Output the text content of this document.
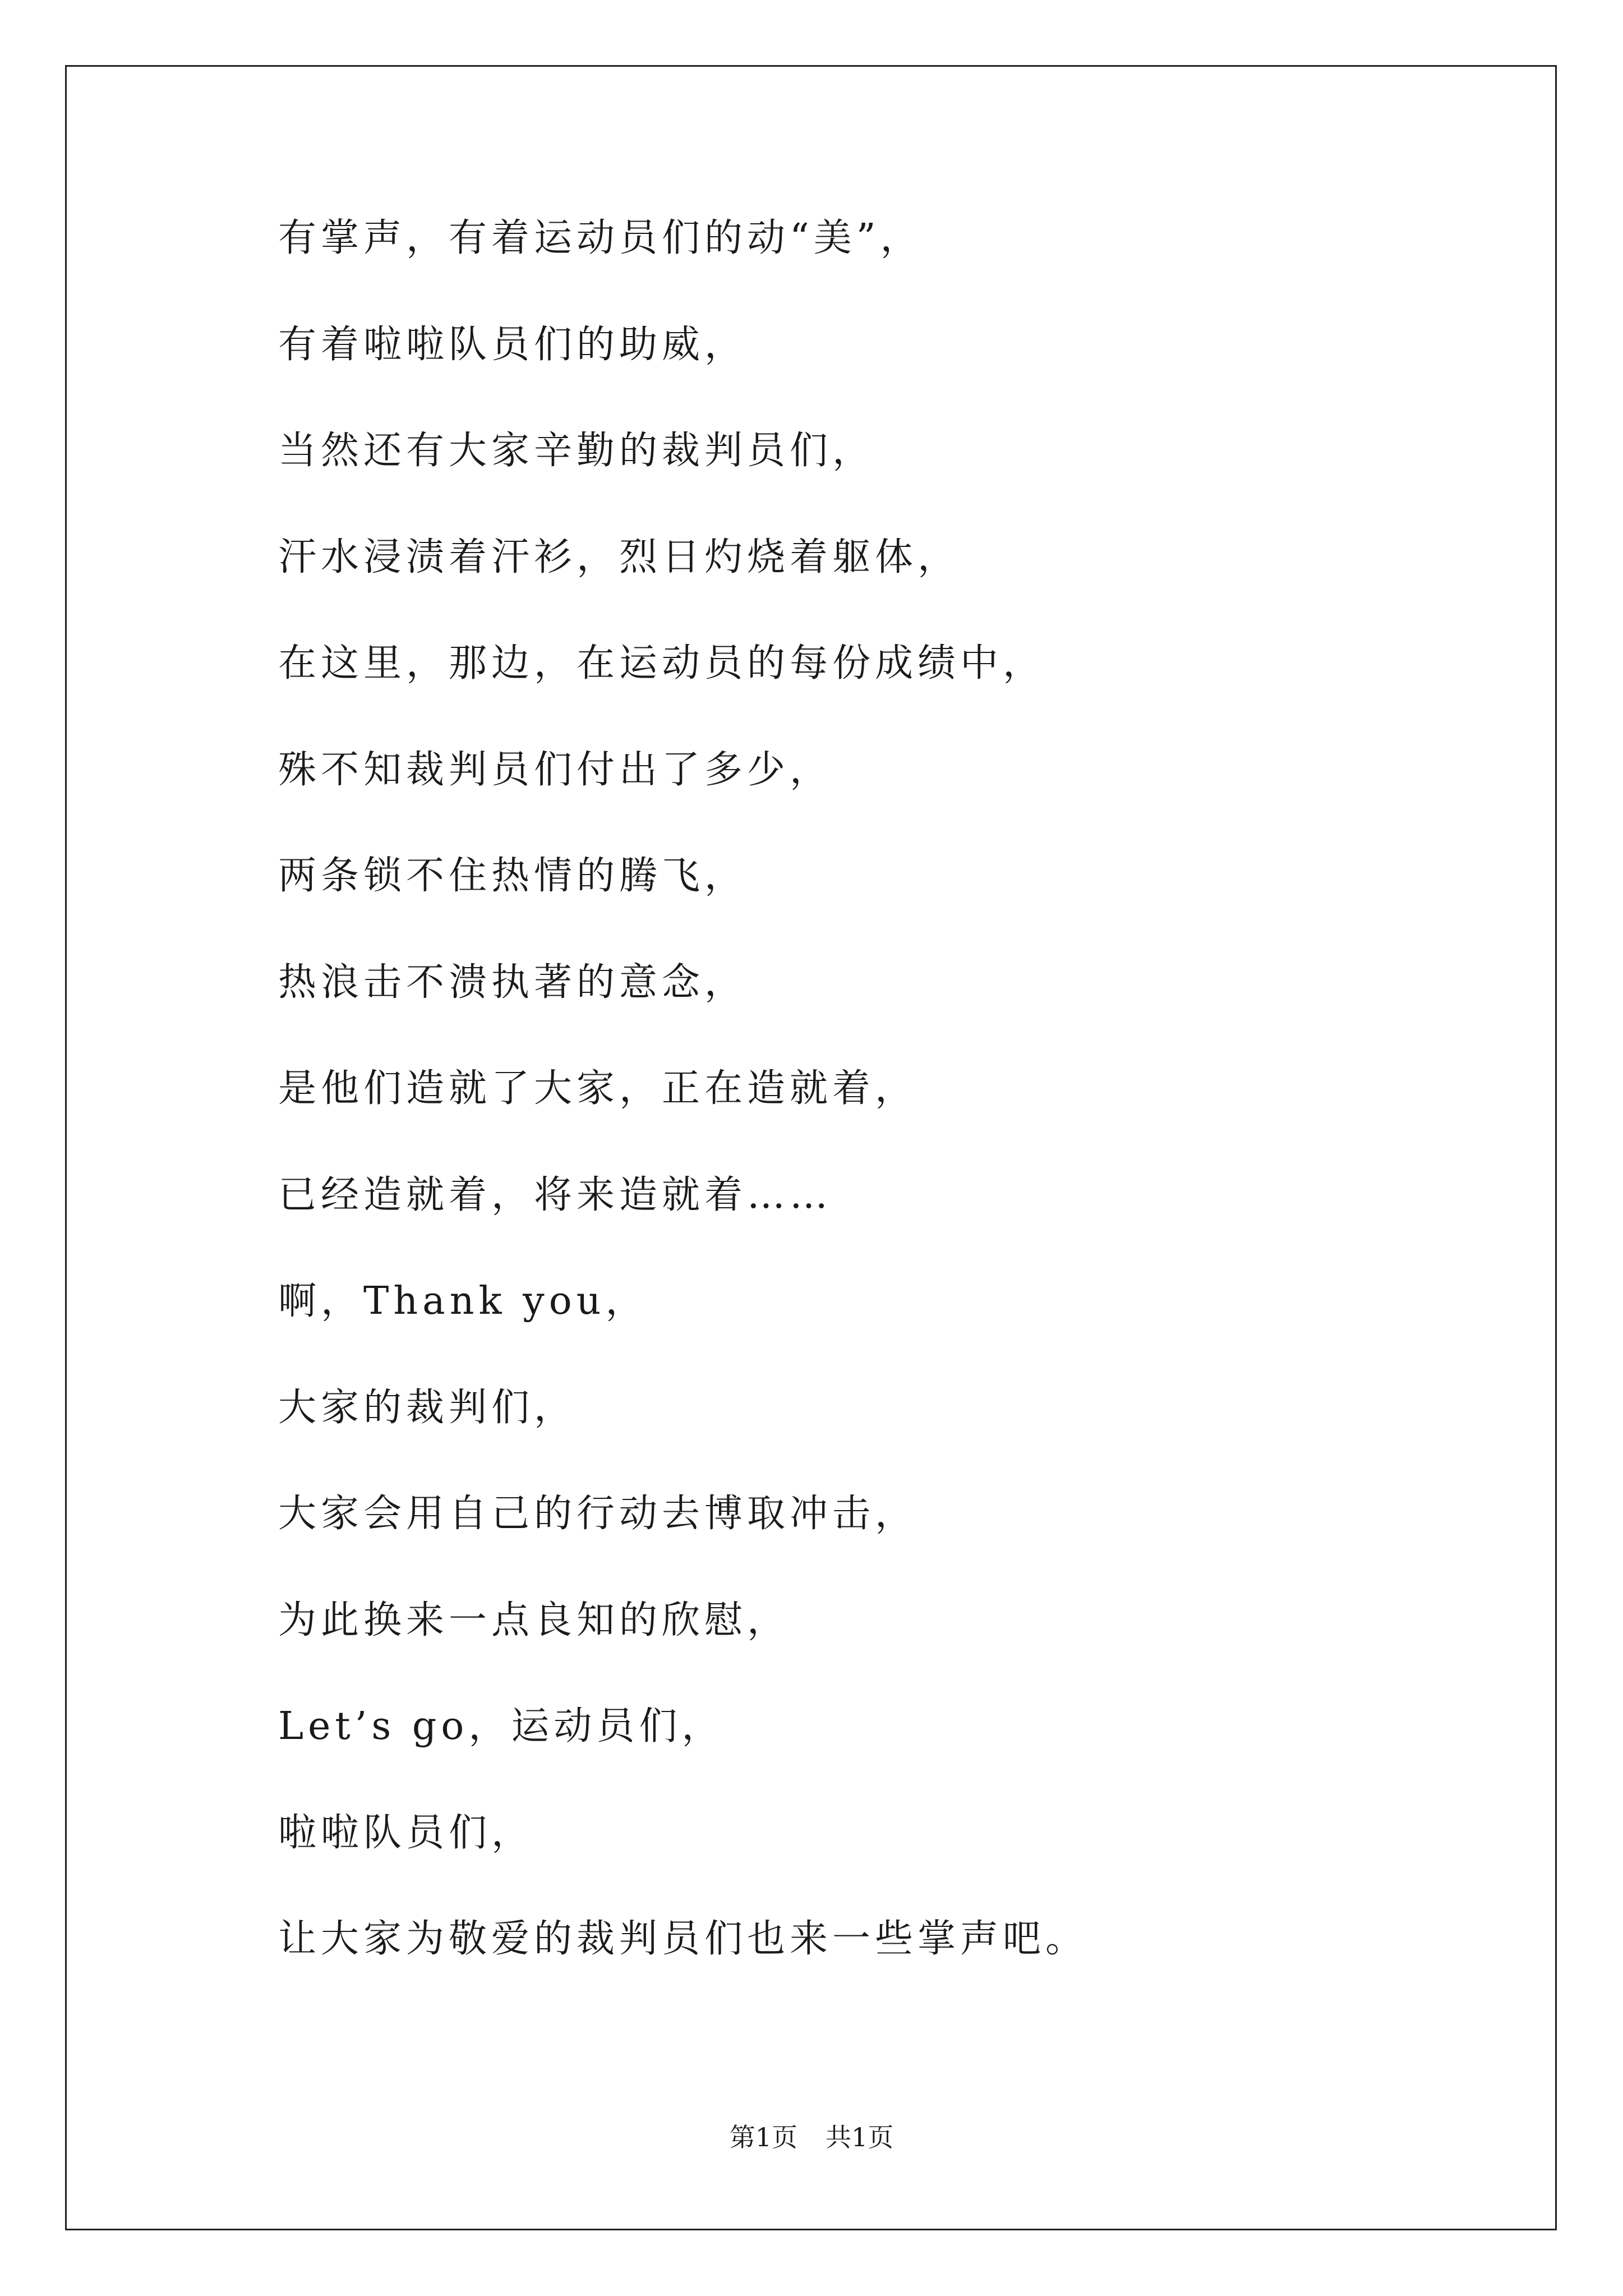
有掌声，有着运动员们的动“美”，
有着啦啦队员们的助威，
当然还有大家辛勤的裁判员们，
汗水浸渍着汗衫，烈日灼烧着躯体，
在这里，那边，在运动员的每份成绩中，
殊不知裁判员们付出了多少，
两条锁不住热情的腾飞，
热浪击不溃执著的意念，
是他们造就了大家，正在造就着，
已经造就着，将来造就着……
啊，Thank you，
大家的裁判们，
大家会用自己的行动去博取冲击，
为此换来一点良知的欣慰，
Let’s go，运动员们，
啦啦队员们，
让大家为敬爱的裁判员们也来一些掌声吧。
第1页 共1页
